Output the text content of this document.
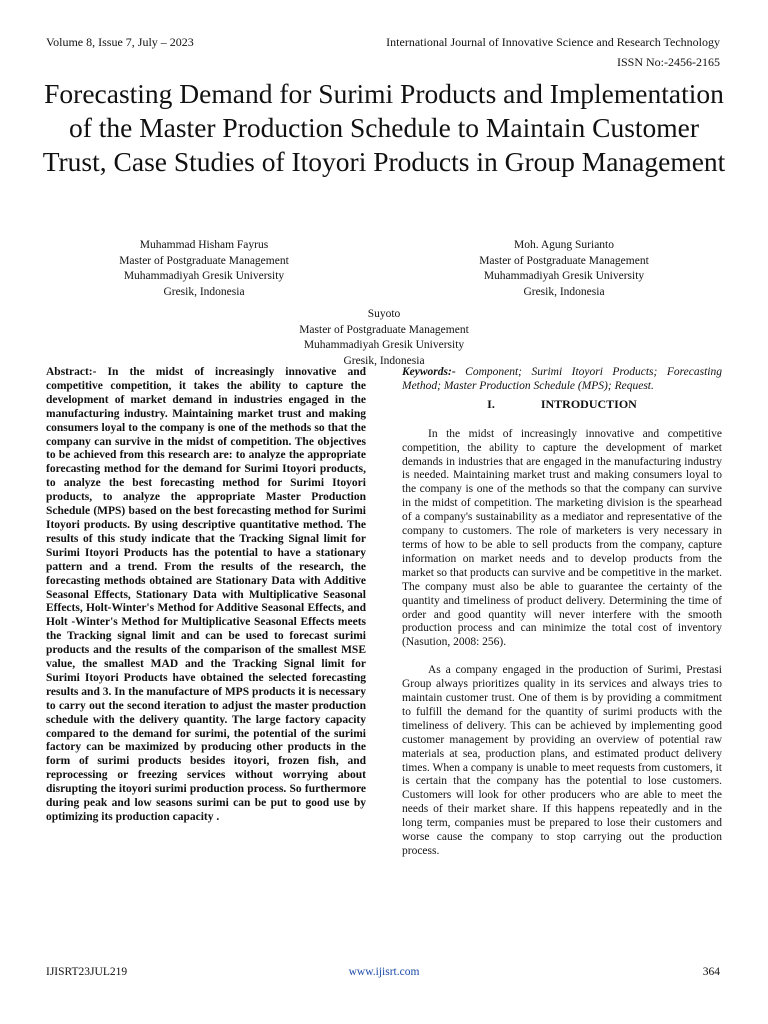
Volume 8, Issue 7, July – 2023	International Journal of Innovative Science and Research Technology
ISSN No:-2456-2165
Forecasting Demand for Surimi Products and Implementation of the Master Production Schedule to Maintain Customer Trust, Case Studies of Itoyori Products in Group Management
Muhammad Hisham Fayrus
Master of Postgraduate Management
Muhammadiyah Gresik University
Gresik, Indonesia
Moh. Agung Surianto
Master of Postgraduate Management
Muhammadiyah Gresik University
Gresik, Indonesia
Suyoto
Master of Postgraduate Management
Muhammadiyah Gresik University
Gresik, Indonesia

Abstract:- In the midst of increasingly innovative and competitive competition, it takes the ability to capture the development of market demand in industries engaged in the manufacturing industry. Maintaining market trust and making consumers loyal to the company is one of the methods so that the company can survive in the midst of competition. The objectives to be achieved from this research are: to analyze the appropriate forecasting method for the demand for Surimi Itoyori products, to analyze the best forecasting method for Surimi Itoyori products, to analyze the appropriate Master Production Schedule (MPS) based on the best forecasting method for Surimi Itoyori products. By using descriptive quantitative method. The results of this study indicate that the Tracking Signal limit for Surimi Itoyori Products has the potential to have a stationary pattern and a trend. From the results of the research, the forecasting methods obtained are Stationary Data with Additive Seasonal Effects, Stationary Data with Multiplicative Seasonal Effects, Holt-Winter's Method for Additive Seasonal Effects, and Holt -Winter's Method for Multiplicative Seasonal Effects meets the Tracking signal limit and can be used to forecast surimi products and the results of the comparison of the smallest MSE value, the smallest MAD and the Tracking Signal limit for Surimi Itoyori Products have obtained the selected forecasting results and 3. In the manufacture of MPS products it is necessary to carry out the second iteration to adjust the master production schedule with the delivery quantity. The large factory capacity compared to the demand for surimi, the potential of the surimi factory can be maximized by producing other products in the form of surimi products besides itoyori, frozen fish, and reprocessing or freezing services without worrying about disrupting the itoyori surimi production process. So furthermore during peak and low seasons surimi can be put to good use by optimizing its production capacity .

Keywords:- Component; Surimi Itoyori Products; Forecasting Method; Master Production Schedule (MPS); Request.

I.	INTRODUCTION

In the midst of increasingly innovative and competitive competition, the ability to capture the development of market demands in industries that are engaged in the manufacturing industry is needed. Maintaining market trust and making consumers loyal to the company is one of the methods so that the company can survive in the midst of competition. The marketing division is the spearhead of a company's sustainability as a mediator and representative of the company to customers. The role of marketers is very necessary in terms of how to be able to sell products from the company, capture information on market needs and to develop products from the market so that products can survive and be competitive in the market. The company must also be able to guarantee the certainty of the quantity and timeliness of product delivery. Determining the time of order and good quantity will never interfere with the smooth production process and can minimize the total cost of inventory (Nasution, 2008: 256).

As a company engaged in the production of Surimi, Prestasi Group always prioritizes quality in its services and always tries to maintain customer trust. One of them is by providing a commitment to fulfill the demand for the quantity of surimi products with the timeliness of delivery. This can be achieved by implementing good customer management by providing an overview of potential raw materials at sea, production plans, and estimated product delivery times. When a company is unable to meet requests from customers, it is certain that the company has the potential to lose customers. Customers will look for other producers who are able to meet the needs of their market share. If this happens repeatedly and in the long term, companies must be prepared to lose their customers and worse cause the company to stop carrying out the production process.

IJISRT23JUL219	www.ijisrt.com	364
